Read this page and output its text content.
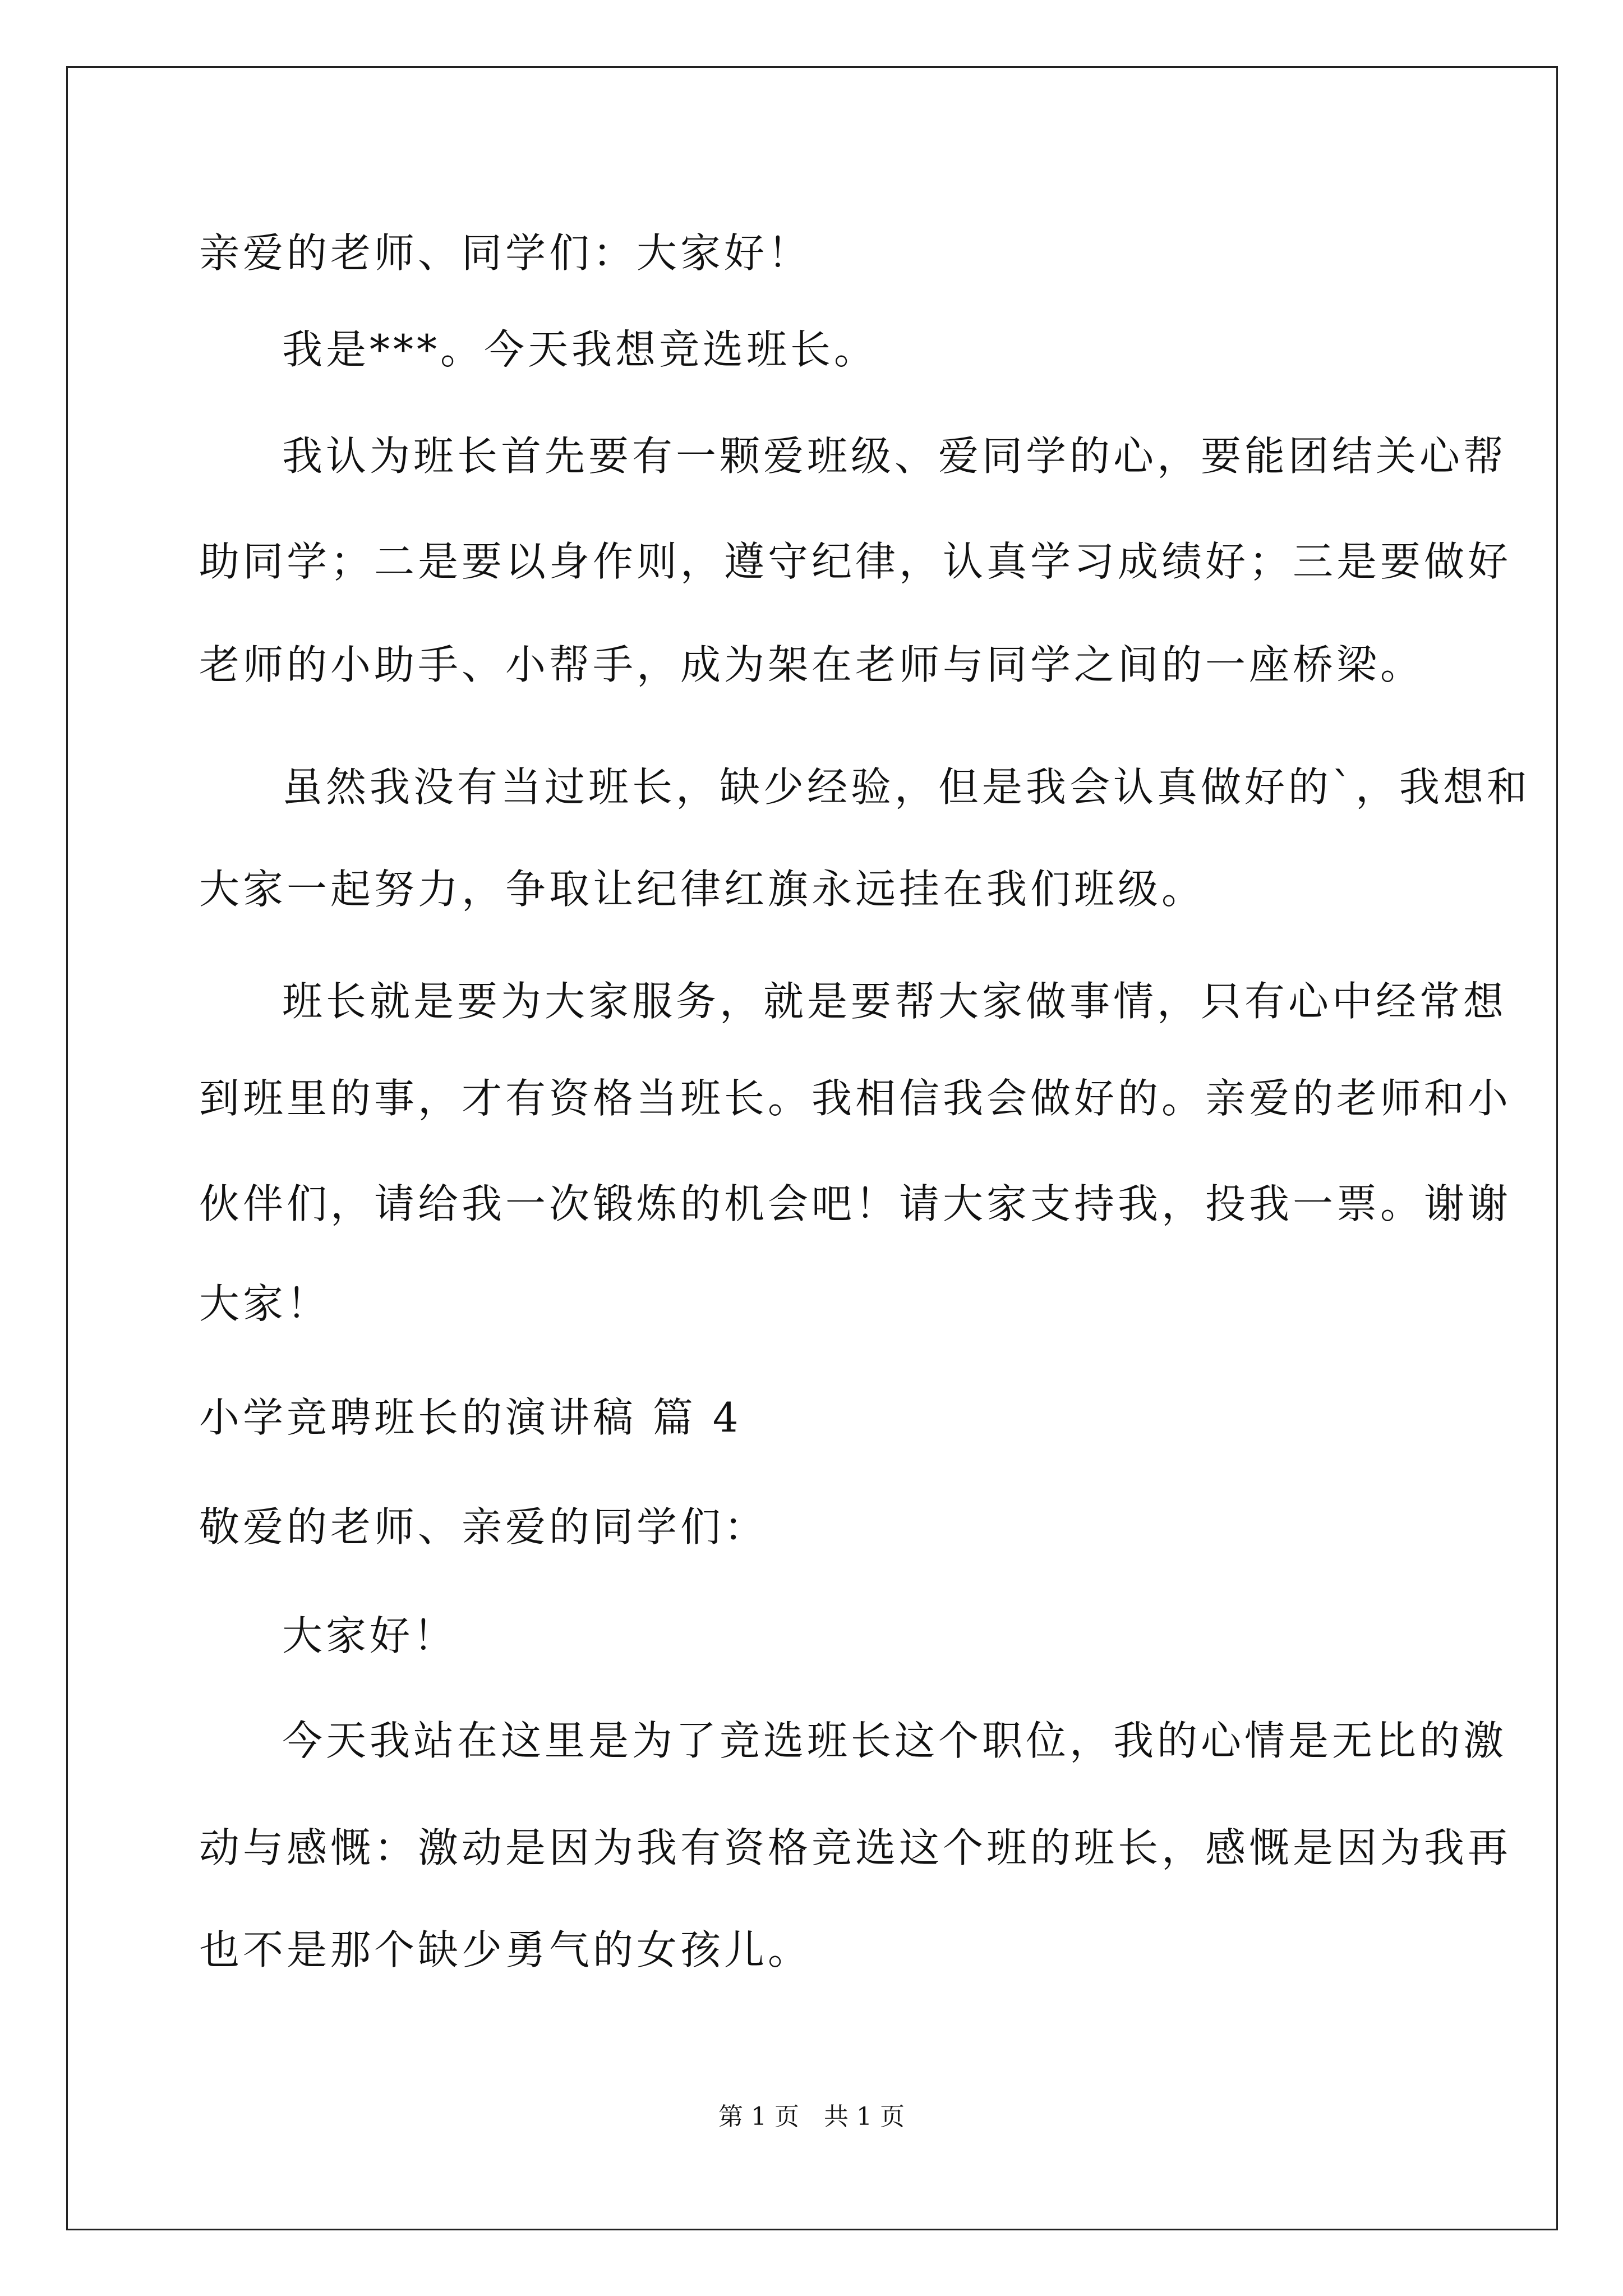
亲爱的老师、同学们：大家好！
我是***。今天我想竞选班长。
我认为班长首先要有一颗爱班级、爱同学的心，要能团结关心帮
助同学；二是要以身作则，遵守纪律，认真学习成绩好；三是要做好
老师的小助手、小帮手，成为架在老师与同学之间的一座桥梁。
虽然我没有当过班长，缺少经验，但是我会认真做好的`，我想和
大家一起努力，争取让纪律红旗永远挂在我们班级。
班长就是要为大家服务，就是要帮大家做事情，只有心中经常想
到班里的事，才有资格当班长。我相信我会做好的。亲爱的老师和小
伙伴们，请给我一次锻炼的机会吧！请大家支持我，投我一票。谢谢
大家！
小学竞聘班长的演讲稿 篇 4
敬爱的老师、亲爱的同学们：
大家好！
今天我站在这里是为了竞选班长这个职位，我的心情是无比的激
动与感慨：激动是因为我有资格竞选这个班的班长，感慨是因为我再
也不是那个缺少勇气的女孩儿。
第 1 页　共 1 页
